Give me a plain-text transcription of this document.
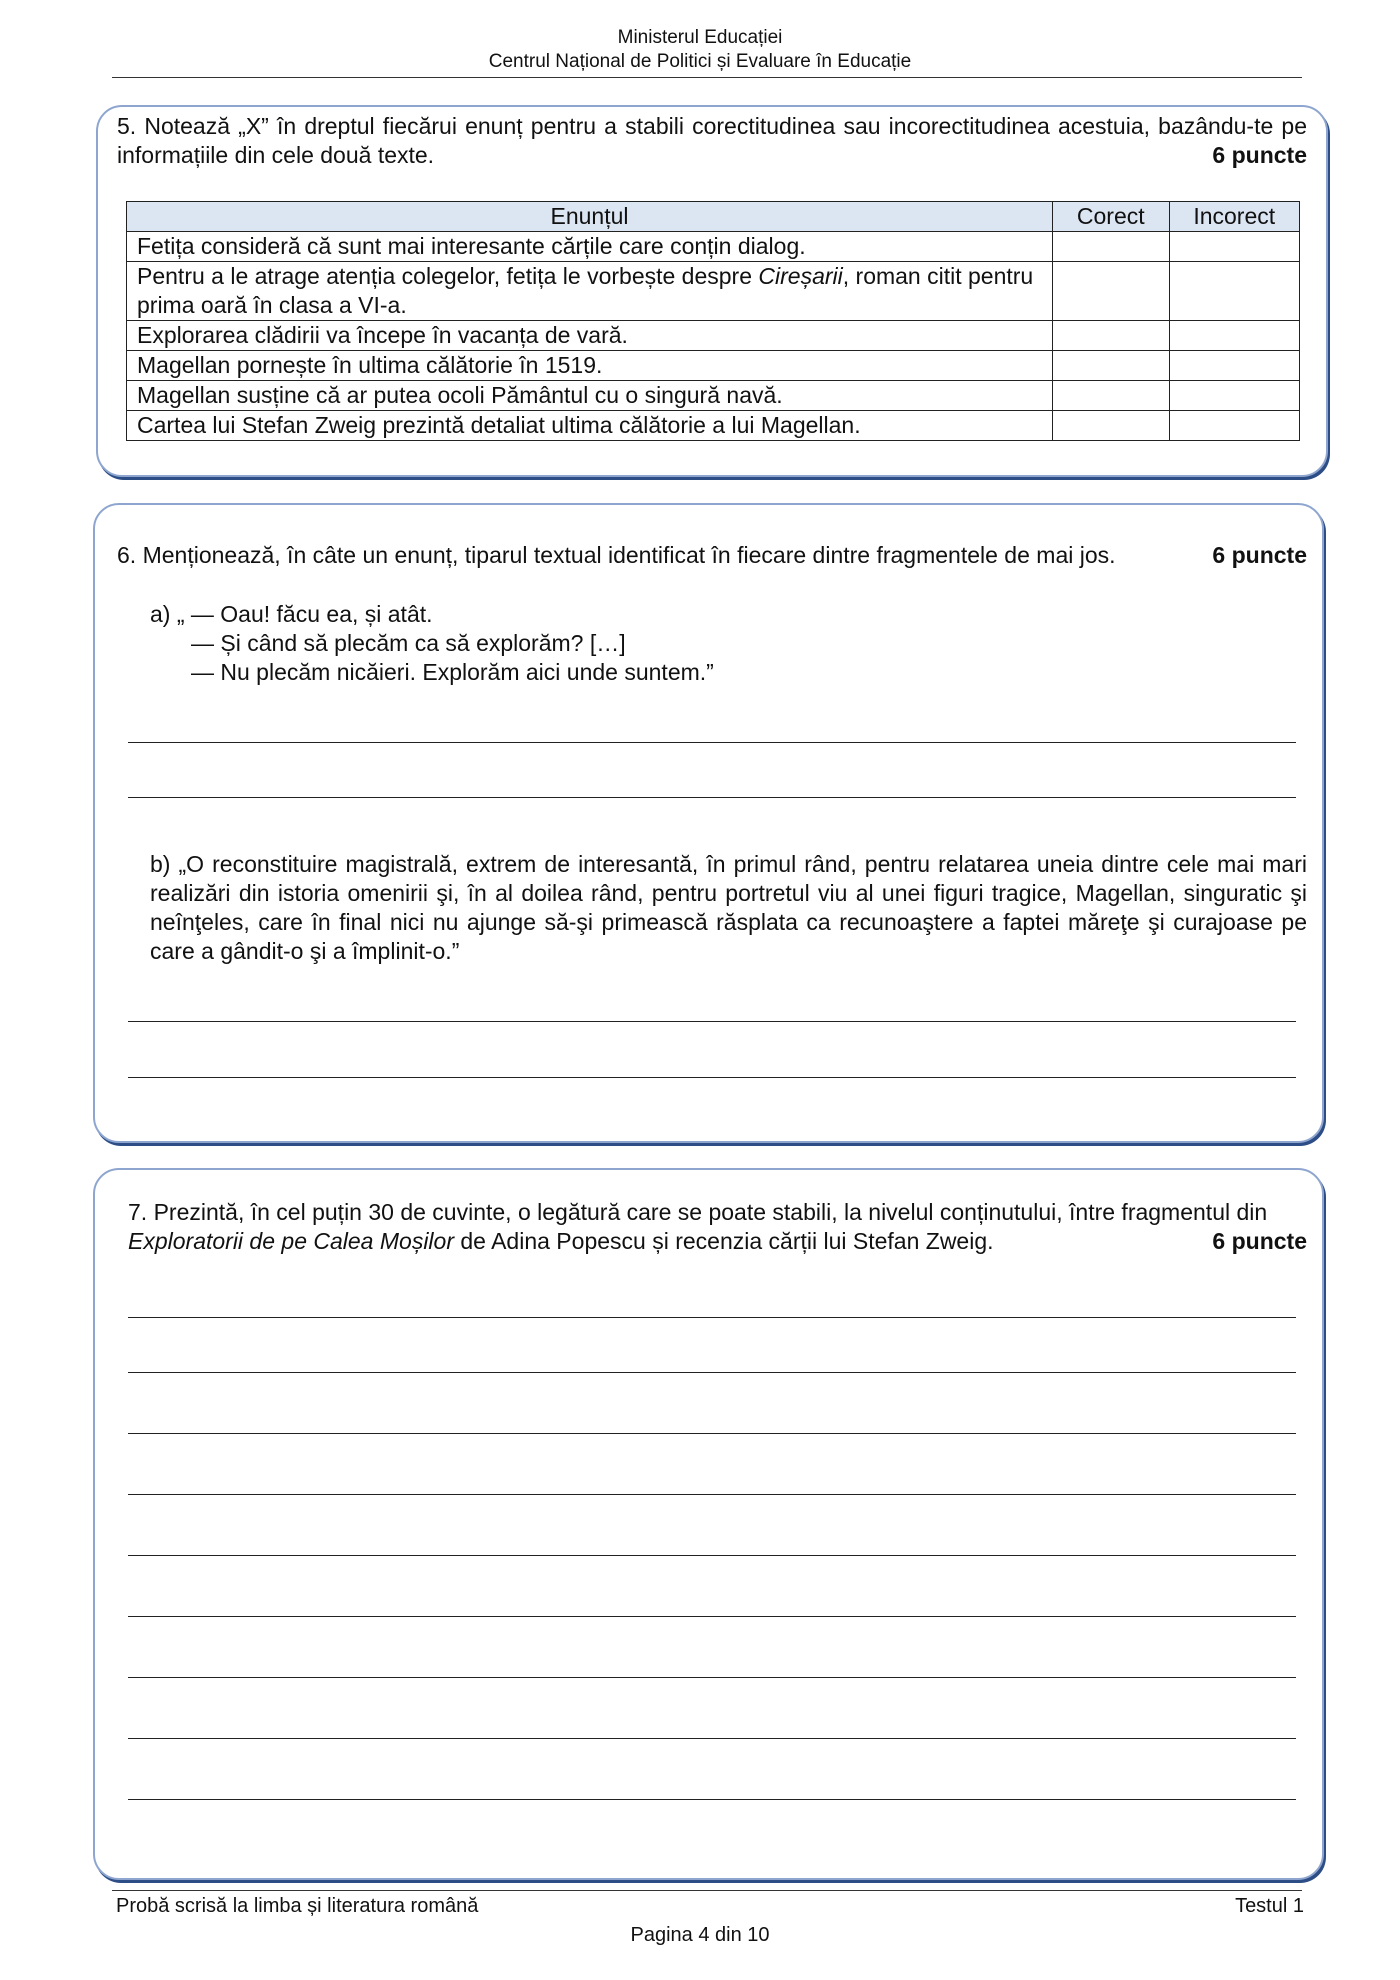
Ministerul Educației
Centrul Național de Politici și Evaluare în Educație
5. Notează „X” în dreptul fiecărui enunț pentru a stabili corectitudinea sau incorectitudinea acestuia, bazându-te pe informațiile din cele două texte.	6 puncte
Enunțul	Corect	Incorect
Fetița consideră că sunt mai interesante cărțile care conțin dialog.		
Pentru a le atrage atenția colegelor, fetița le vorbește despre Cireșarii, roman citit pentru prima oară în clasa a VI-a.		
Explorarea clădirii va începe în vacanța de vară.		
Magellan pornește în ultima călătorie în 1519.		
Magellan susține că ar putea ocoli Pământul cu o singură navă.		
Cartea lui Stefan Zweig prezintă detaliat ultima călătorie a lui Magellan.		
6. Menționează, în câte un enunț, tiparul textual identificat în fiecare dintre fragmentele de mai jos.	6 puncte
a) „ — Oau! făcu ea, și atât.
— Și când să plecăm ca să explorăm? […]
— Nu plecăm nicăieri. Explorăm aici unde suntem.”
b) „O reconstituire magistrală, extrem de interesantă, în primul rând, pentru relatarea uneia dintre cele mai mari realizări din istoria omenirii şi, în al doilea rând, pentru portretul viu al unei figuri tragice, Magellan, singuratic şi neînţeles, care în final nici nu ajunge să-şi primească răsplata ca recunoaştere a faptei măreţe şi curajoase pe care a gândit-o şi a împlinit-o.”
7. Prezintă, în cel puțin 30 de cuvinte, o legătură care se poate stabili, la nivelul conținutului, între fragmentul din Exploratorii de pe Calea Moșilor de Adina Popescu și recenzia cărții lui Stefan Zweig.	6 puncte
Probă scrisă la limba și literatura română	Testul 1
Pagina 4 din 10
